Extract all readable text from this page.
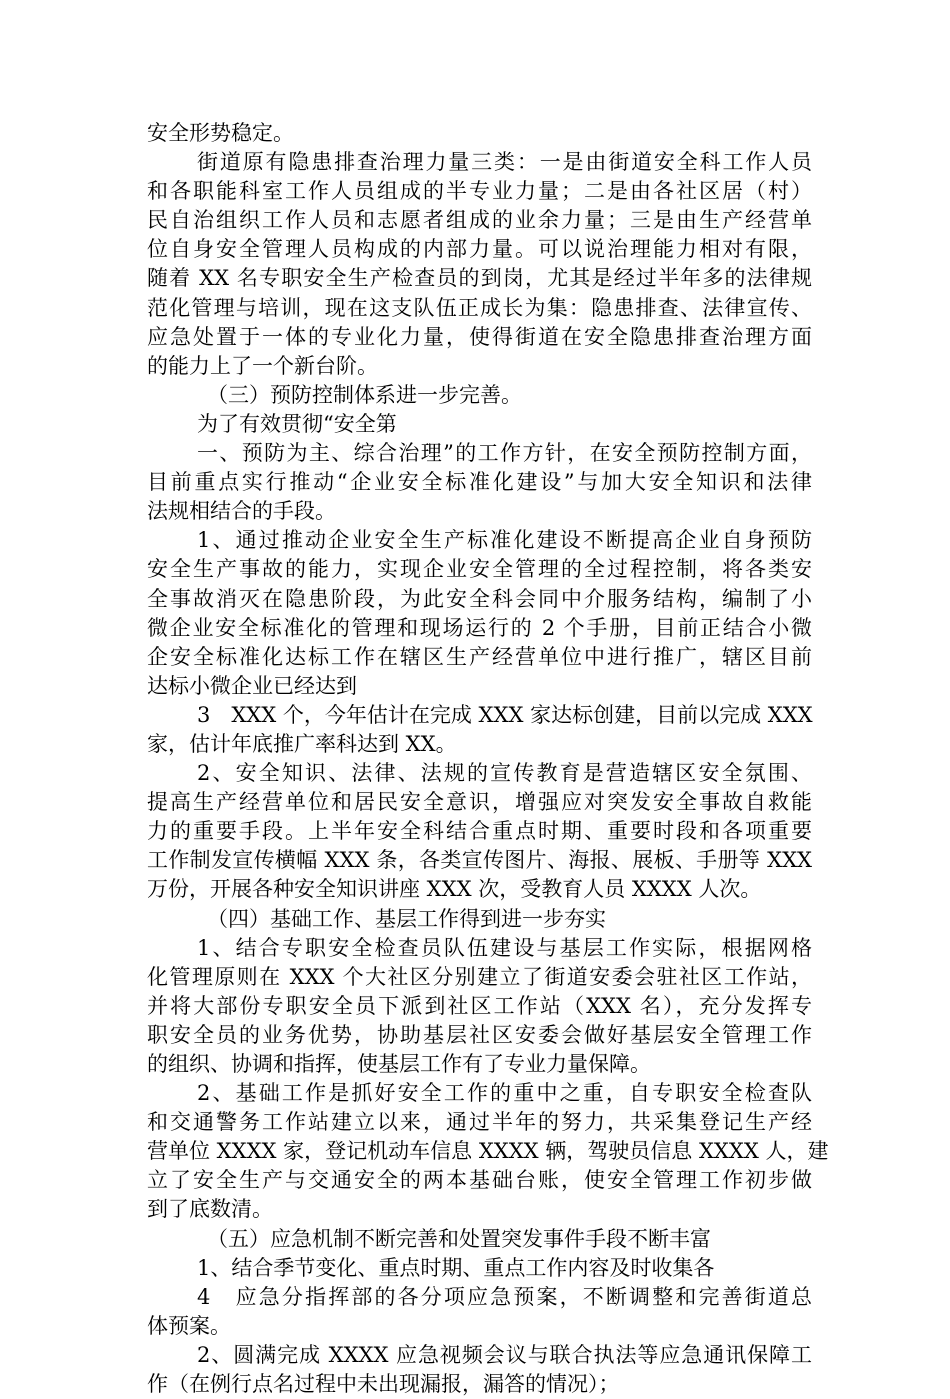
安全形势稳定。
街道原有隐患排查治理力量三类：一是由街道安全科工作人员
和各职能科室工作人员组成的半专业力量；二是由各社区居（村）
民自治组织工作人员和志愿者组成的业余力量；三是由生产经营单
位自身安全管理人员构成的内部力量。可以说治理能力相对有限，
随着 XX 名专职安全生产检查员的到岗，尤其是经过半年多的法律规
范化管理与培训，现在这支队伍正成长为集：隐患排查、法律宣传、
应急处置于一体的专业化力量，使得街道在安全隐患排查治理方面
的能力上了一个新台阶。
（三）预防控制体系进一步完善。
为了有效贯彻“安全第
一、预防为主、综合治理”的工作方针，在安全预防控制方面，
目前重点实行推动“企业安全标准化建设”与加大安全知识和法律
法规相结合的手段。
1、通过推动企业安全生产标准化建设不断提高企业自身预防
安全生产事故的能力，实现企业安全管理的全过程控制，将各类安
全事故消灭在隐患阶段，为此安全科会同中介服务结构，编制了小
微企业安全标准化的管理和现场运行的 2 个手册，目前正结合小微
企安全标准化达标工作在辖区生产经营单位中进行推广，辖区目前
达标小微企业已经达到
3　XXX 个，今年估计在完成 XXX 家达标创建，目前以完成 XXX
家，估计年底推广率科达到 XX。
2、安全知识、法律、法规的宣传教育是营造辖区安全氛围、
提高生产经营单位和居民安全意识，增强应对突发安全事故自救能
力的重要手段。上半年安全科结合重点时期、重要时段和各项重要
工作制发宣传横幅 XXX 条，各类宣传图片、海报、展板、手册等 XXX
万份，开展各种安全知识讲座 XXX 次，受教育人员 XXXX 人次。
（四）基础工作、基层工作得到进一步夯实
1、结合专职安全检查员队伍建设与基层工作实际，根据网格
化管理原则在 XXX 个大社区分别建立了街道安委会驻社区工作站，
并将大部份专职安全员下派到社区工作站（XXX 名），充分发挥专
职安全员的业务优势，协助基层社区安委会做好基层安全管理工作
的组织、协调和指挥，使基层工作有了专业力量保障。
2、基础工作是抓好安全工作的重中之重，自专职安全检查队
和交通警务工作站建立以来，通过半年的努力，共采集登记生产经
营单位 XXXX 家，登记机动车信息 XXXX 辆，驾驶员信息 XXXX 人，建
立了安全生产与交通安全的两本基础台账，使安全管理工作初步做
到了底数清。
（五）应急机制不断完善和处置突发事件手段不断丰富
1、结合季节变化、重点时期、重点工作内容及时收集各
4　应急分指挥部的各分项应急预案，不断调整和完善街道总
体预案。
2、圆满完成 XXXX 应急视频会议与联合执法等应急通讯保障工
作（在例行点名过程中未出现漏报，漏答的情况）；
